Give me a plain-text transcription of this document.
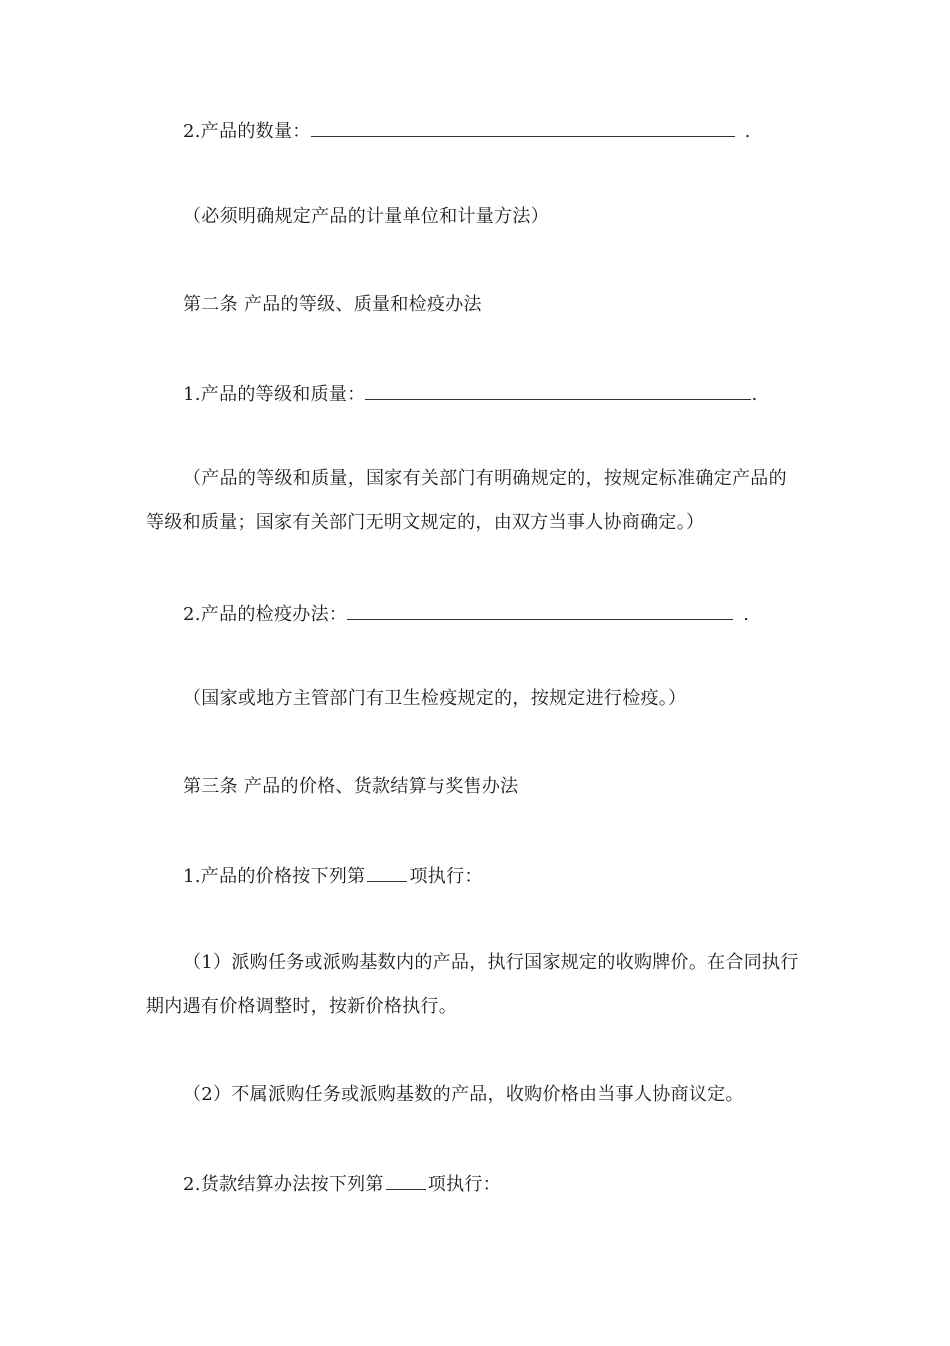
2.产品的数量：	.
（必须明确规定产品的计量单位和计量方法）
第二条 产品的等级、质量和检疫办法
1.产品的等级和质量：	.
（产品的等级和质量，国家有关部门有明确规定的，按规定标准确定产品的
等级和质量；国家有关部门无明文规定的，由双方当事人协商确定。）
2.产品的检疫办法：	.
（国家或地方主管部门有卫生检疫规定的，按规定进行检疫。）
第三条 产品的价格、货款结算与奖售办法
1.产品的价格按下列第 项执行：
（1）派购任务或派购基数内的产品，执行国家规定的收购牌价。在合同执行
期内遇有价格调整时，按新价格执行。
（2）不属派购任务或派购基数的产品，收购价格由当事人协商议定。
2.货款结算办法按下列第 项执行：
